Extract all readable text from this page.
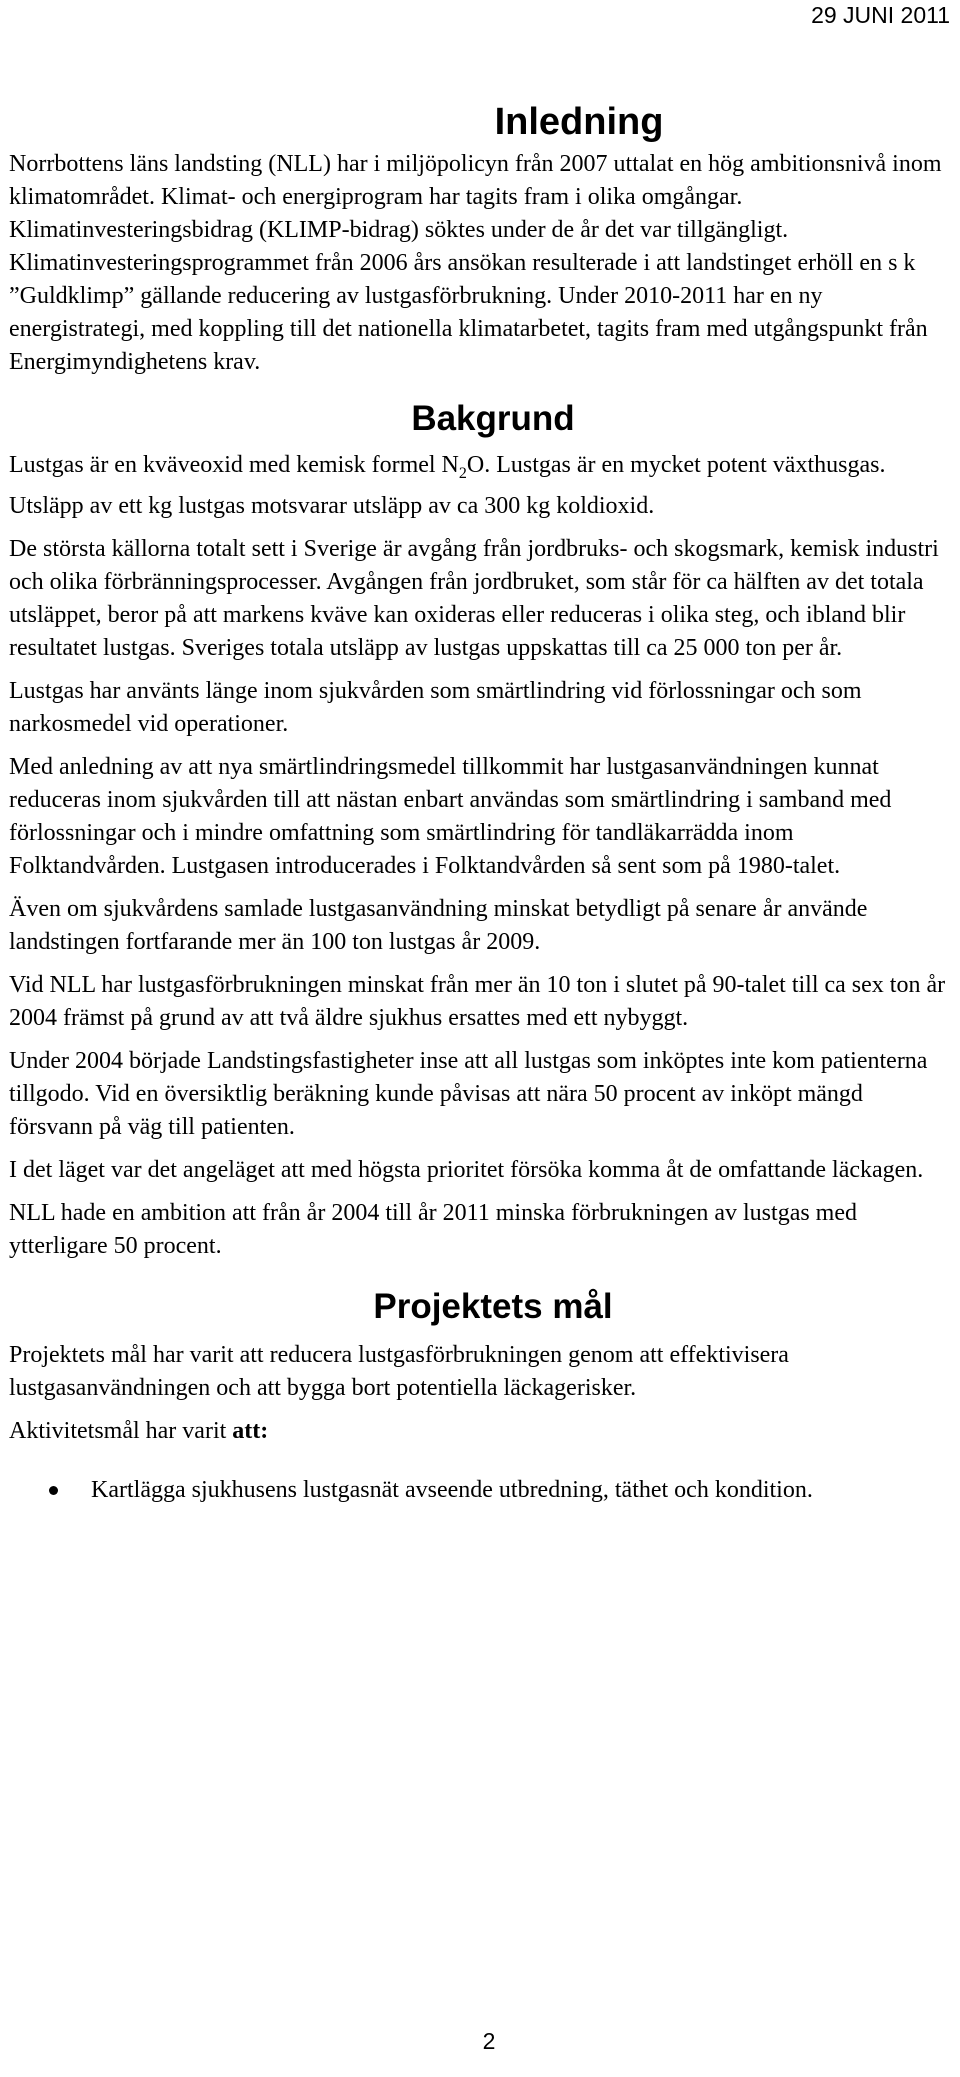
29 JUNI 2011
Inledning

Norrbottens läns landsting (NLL) har i miljöpolicyn från 2007 uttalat en hög ambitionsnivå inom klimatområdet. Klimat- och energiprogram har tagits fram i olika omgångar. Klimatinvesteringsbidrag (KLIMP-bidrag) söktes under de år det var tillgängligt. Klimatinvesteringsprogrammet från 2006 års ansökan resulterade i att landstinget erhöll en s k ”Guldklimp” gällande reducering av lustgasförbrukning. Under 2010-2011 har en ny energistrategi, med koppling till det nationella klimatarbetet, tagits fram med utgångspunkt från Energimyndighetens krav.

Bakgrund

Lustgas är en kväveoxid med kemisk formel $N_2O$. Lustgas är en mycket potent växthusgas. Utsläpp av ett kg lustgas motsvarar utsläpp av ca 300 kg koldioxid.

De största källorna totalt sett i Sverige är avgång från jordbruks- och skogsmark, kemisk industri och olika förbränningsprocesser. Avgången från jordbruket, som står för ca hälften av det totala utsläppet, beror på att markens kväve kan oxideras eller reduceras i olika steg, och ibland blir resultatet lustgas. Sveriges totala utsläpp av lustgas uppskattas till ca 25 000 ton per år.

Lustgas har använts länge inom sjukvården som smärtlindring vid förlossningar och som narkosmedel vid operationer.

Med anledning av att nya smärtlindringsmedel tillkommit har lustgasanvändningen kunnat reduceras inom sjukvården till att nästan enbart användas som smärtlindring i samband med förlossningar och i mindre omfattning som smärtlindring för tandläkarrädda inom Folktandvården. Lustgasen introducerades i Folktandvården så sent som på 1980-talet.

Även om sjukvårdens samlade lustgasanvändning minskat betydligt på senare år använde landstingen fortfarande mer än 100 ton lustgas år 2009.

Vid NLL har lustgasförbrukningen minskat från mer än 10 ton i slutet på 90-talet till ca sex ton år 2004 främst på grund av att två äldre sjukhus ersattes med ett nybyggt.

Under 2004 började Landstingsfastigheter inse att all lustgas som inköptes inte kom patienterna tillgodo. Vid en översiktlig beräkning kunde påvisas att nära 50 procent av inköpt mängd försvann på väg till patienten.

I det läget var det angeläget att med högsta prioritet försöka komma åt de omfattande läckagen.

NLL hade en ambition att från år 2004 till år 2011 minska förbrukningen av lustgas med ytterligare 50 procent.

Projektets mål

Projektets mål har varit att reducera lustgasförbrukningen genom att effektivisera lustgasanvändningen och att bygga bort potentiella läckagerisker.

Aktivitetsmål har varit att:

Kartlägga sjukhusens lustgasnät avseende utbredning, täthet och kondition.
2
